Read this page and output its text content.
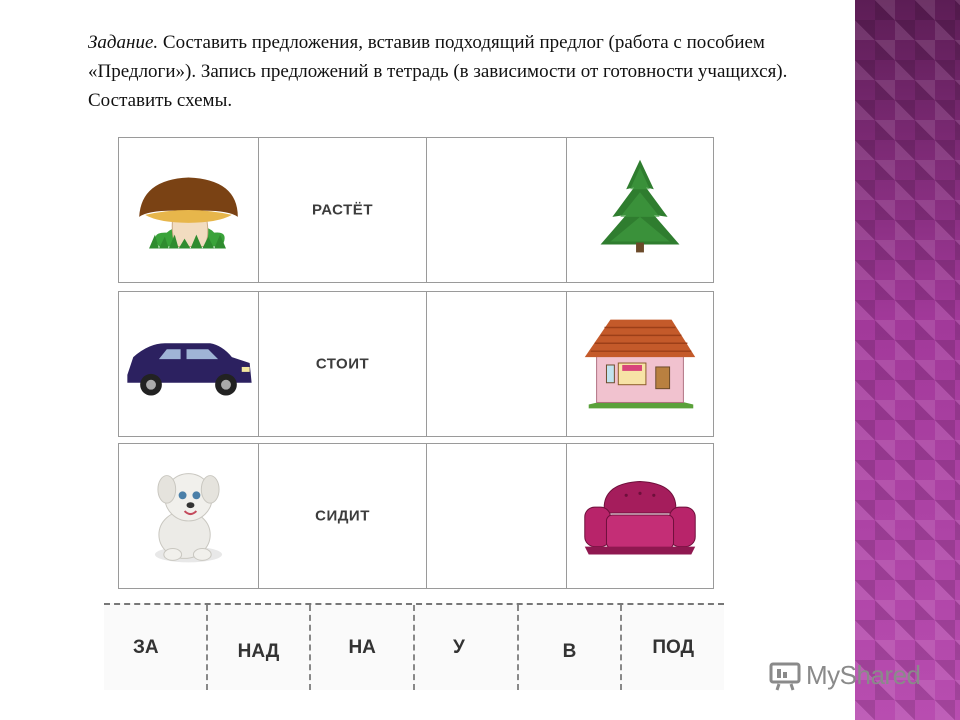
Задание. Составить предложения, вставив подходящий предлог (работа с пособием «Предлоги»). Запись предложений в тетрадь (в зависимости от готовности учащихся). Составить схемы.
РАСТЁТ
СТОИТ
СИДИТ
ЗА	НАД	НА	У	В	ПОД
MyShared
